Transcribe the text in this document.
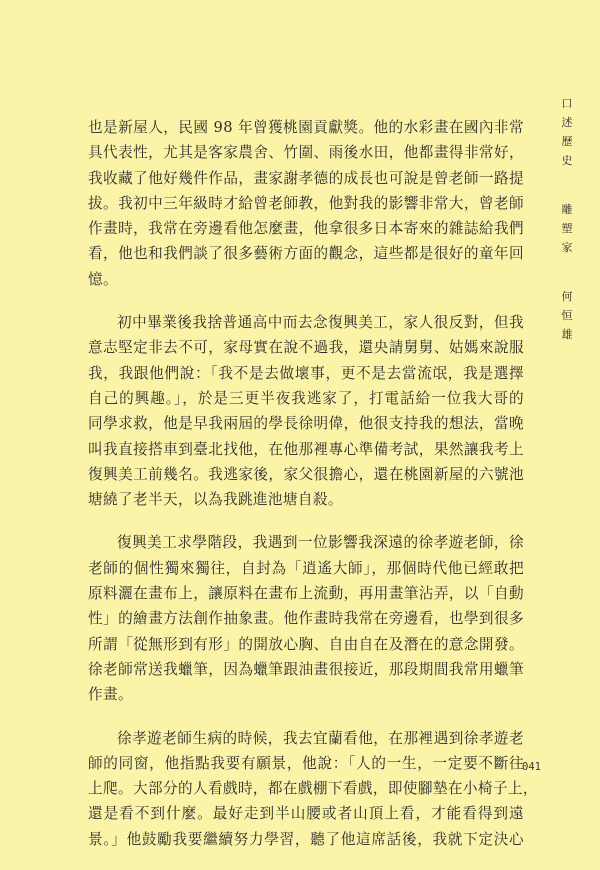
口
述
歷
史
雕
塑
家
何
恒
雄

也是新屋人，民國 98 年曾獲桃園貢獻獎。他的水彩畫在國內非常
具代表性，尤其是客家農舍、竹圍、雨後水田，他都畫得非常好，
我收藏了他好幾件作品，畫家謝孝德的成長也可說是曾老師一路提
拔。我初中三年級時才給曾老師教，他對我的影響非常大，曾老師
作畫時，我常在旁邊看他怎麼畫，他拿很多日本寄來的雜誌給我們
看，他也和我們談了很多藝術方面的觀念，這些都是很好的童年回
憶。

初中畢業後我捨普通高中而去念復興美工，家人很反對，但我
意志堅定非去不可，家母實在說不過我，還央請舅舅、姑媽來說服
我，我跟他們說：「我不是去做壞事，更不是去當流氓，我是選擇
自己的興趣。」，於是三更半夜我逃家了，打電話給一位我大哥的
同學求救，他是早我兩屆的學長徐明偉，他很支持我的想法，當晚
叫我直接搭車到臺北找他，在他那裡專心準備考試，果然讓我考上
復興美工前幾名。我逃家後，家父很擔心，還在桃園新屋的六號池
塘繞了老半天，以為我跳進池塘自殺。

復興美工求學階段，我遇到一位影響我深遠的徐孝遊老師，徐
老師的個性獨來獨往，自封為「逍遙大師」，那個時代他已經敢把
原料灑在畫布上，讓原料在畫布上流動，再用畫筆沾弄，以「自動
性」的繪畫方法創作抽象畫。他作畫時我常在旁邊看，也學到很多
所謂「從無形到有形」的開放心胸、自由自在及潛在的意念開發。
徐老師常送我蠟筆，因為蠟筆跟油畫很接近，那段期間我常用蠟筆
作畫。

徐孝遊老師生病的時候，我去宜蘭看他，在那裡遇到徐孝遊老
師的同窗，他指點我要有願景，他說：「人的一生，一定要不斷往
上爬。大部分的人看戲時，都在戲棚下看戲，即使腳墊在小椅子上，
還是看不到什麼。最好走到半山腰或者山頂上看，才能看得到遠
景。」他鼓勵我要繼續努力學習，聽了他這席話後，我就下定決心

041
